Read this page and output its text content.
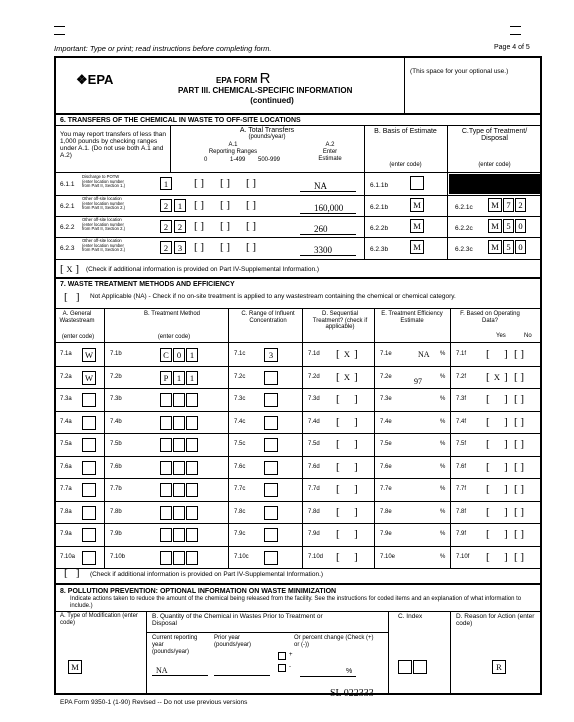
Important: Type or print; read instructions before completing form.	Page 4 of 5
❖EPA	EPA FORM R
PART III. CHEMICAL-SPECIFIC INFORMATION
(continued)
(This space for your optional use.)
6. TRANSFERS OF THE CHEMICAL IN WASTE TO OFF-SITE LOCATIONS
You may report transfers of less than 1,000 pounds by checking ranges under A.1. (Do not use both A.1 and A.2)
A. Total Transfers
(pounds/year)
A.1
Reporting Ranges
0	1-499 500-999
A.2
Enter
Estimate
B. Basis of Estimate	C.Type of Treatment/
Disposal
(enter code)	(enter code)
Discharge to POTW
(enter location number
from Part II, Section 1.)
6.1.1	1 [ ] [ ] [ ]	NA	6.1.1b
Other off-site location
(enter location number
from Part II, Section 2.)
6.2.1	2 1 [ ] [ ] [ ]	160,000	6.2.1b	M	6.2.1c M 7 2
Other off-site location
(enter location number
from Part II, Section 2.)
6.2.2	2 2 [ ] [ ] [ ]	260	6.2.2b	M	6.2.2c M 5 0
Other off-site location
(enter location number
from Part II, Section 2.)
6.2.3	2 3 [ ] [ ] [ ]	3300	6.2.3b	M	6.2.3c M 5 0
[ X ] (Check if additional information is provided on Part IV-Supplemental Information.)
7. WASTE TREATMENT METHODS AND EFFICIENCY
[   ] Not Applicable (NA) - Check if no on-site treatment is applied to any wastestream containing the chemical or chemical category.
A. General Wastestream
B. Treatment Method	C. Range of Influent Concentration
D. Sequential Treatment? (check if applicable)
E. Treatment Efficiency Estimate
F. Based on Operating Data?
Yes	No
(enter code)	(enter code)
7.1a W	7.1b	C 0 1	7.1c	3	7.1d [ X ]	7.1e	NA % 7.1f [  ] [ ]
7.2a W	7.2b	P 1 1	7.2c	7.2d [ X ]	7.2e	97	% 7.2f [ X ] [ ]
7.3a	7.3b	7.3c	7.3d [  ]	7.3e	% 7.3f [  ] [ ]
7.4a	7.4b	7.4c	7.4d [  ]	7.4e	% 7.4f [  ] [ ]
7.5a	7.5b	7.5c	7.5d [  ]	7.5e	% 7.5f [  ] [ ]
7.6a	7.6b	7.6c	7.6d [  ]	7.6e	% 7.6f [  ] [ ]
7.7a	7.7b	7.7c	7.7d [  ]	7.7e	% 7.7f [  ] [ ]
7.8a	7.8b	7.8c	7.8d [  ]	7.8e	% 7.8f [  ] [ ]
7.9a	7.9b	7.9c	7.9d [  ]	7.9e	% 7.9f [  ] [ ]
7.10a	7.10b	7.10c	7.10d [  ]	7.10e	% 7.10f [  ] [ ]
[   ] (Check if additional information is provided on Part IV-Supplemental Information.)
8. POLLUTION PREVENTION: OPTIONAL INFORMATION ON WASTE MINIMIZATION
Indicate actions taken to reduce the amount of the chemical being released from the facility. See the instructions for coded items and an explanation of what information to include.)
A. Type of Modification (enter code)
B. Quantity of the Chemical in Wastes Prior to Treatment or Disposal
C. Index	D. Reason for Action (enter code)
Current reporting year (pounds/year)
Prior year (pounds/year)
Or percent change (Check (+) or (-))
M	NA
+
-
%	R
SL 022333
EPA Form 9350-1 (1-90) Revised -- Do not use previous versions
